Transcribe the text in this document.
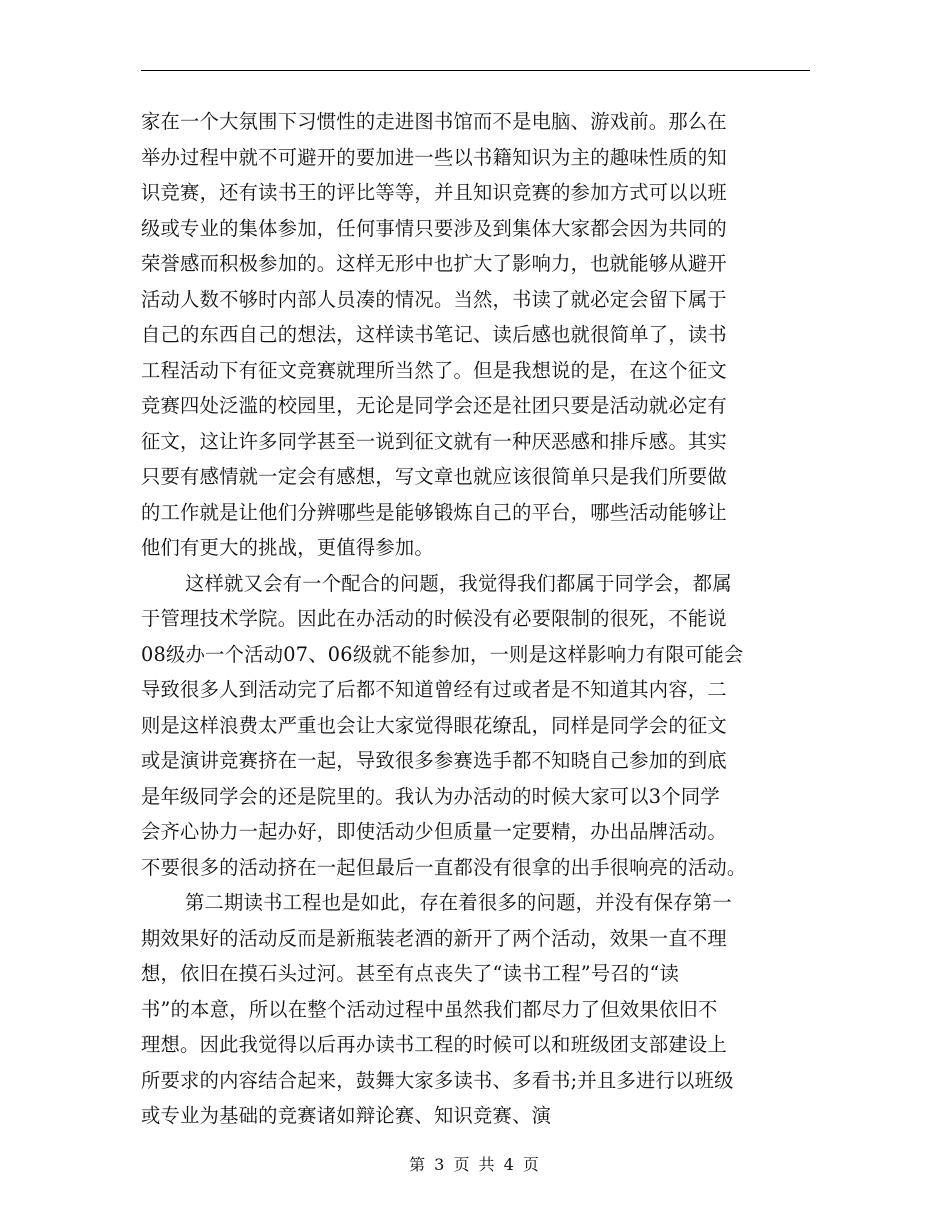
家在一个大氛围下习惯性的走进图书馆而不是电脑、游戏前。那么在
举办过程中就不可避开的要加进一些以书籍知识为主的趣味性质的知
识竞赛，还有读书王的评比等等，并且知识竞赛的参加方式可以以班
级或专业的集体参加，任何事情只要涉及到集体大家都会因为共同的
荣誉感而积极参加的。这样无形中也扩大了影响力，也就能够从避开
活动人数不够时内部人员凑的情况。当然，书读了就必定会留下属于
自己的东西自己的想法，这样读书笔记、读后感也就很简单了，读书
工程活动下有征文竞赛就理所当然了。但是我想说的是，在这个征文
竞赛四处泛滥的校园里，无论是同学会还是社团只要是活动就必定有
征文，这让许多同学甚至一说到征文就有一种厌恶感和排斥感。其实
只要有感情就一定会有感想，写文章也就应该很简单只是我们所要做
的工作就是让他们分辨哪些是能够锻炼自己的平台，哪些活动能够让
他们有更大的挑战，更值得参加。
这样就又会有一个配合的问题，我觉得我们都属于同学会，都属
于管理技术学院。因此在办活动的时候没有必要限制的很死，不能说
08级办一个活动07、06级就不能参加，一则是这样影响力有限可能会
导致很多人到活动完了后都不知道曾经有过或者是不知道其内容，二
则是这样浪费太严重也会让大家觉得眼花缭乱，同样是同学会的征文
或是演讲竞赛挤在一起，导致很多参赛选手都不知晓自己参加的到底
是年级同学会的还是院里的。我认为办活动的时候大家可以3个同学
会齐心协力一起办好，即使活动少但质量一定要精，办出品牌活动。
不要很多的活动挤在一起但最后一直都没有很拿的出手很响亮的活动。
第二期读书工程也是如此，存在着很多的问题，并没有保存第一
期效果好的活动反而是新瓶装老酒的新开了两个活动，效果一直不理
想，依旧在摸石头过河。甚至有点丧失了“读书工程”号召的“读
书”的本意，所以在整个活动过程中虽然我们都尽力了但效果依旧不
理想。因此我觉得以后再办读书工程的时候可以和班级团支部建设上
所要求的内容结合起来，鼓舞大家多读书、多看书;并且多进行以班级
或专业为基础的竞赛诸如辩论赛、知识竞赛、演
第 3 页 共 4 页
